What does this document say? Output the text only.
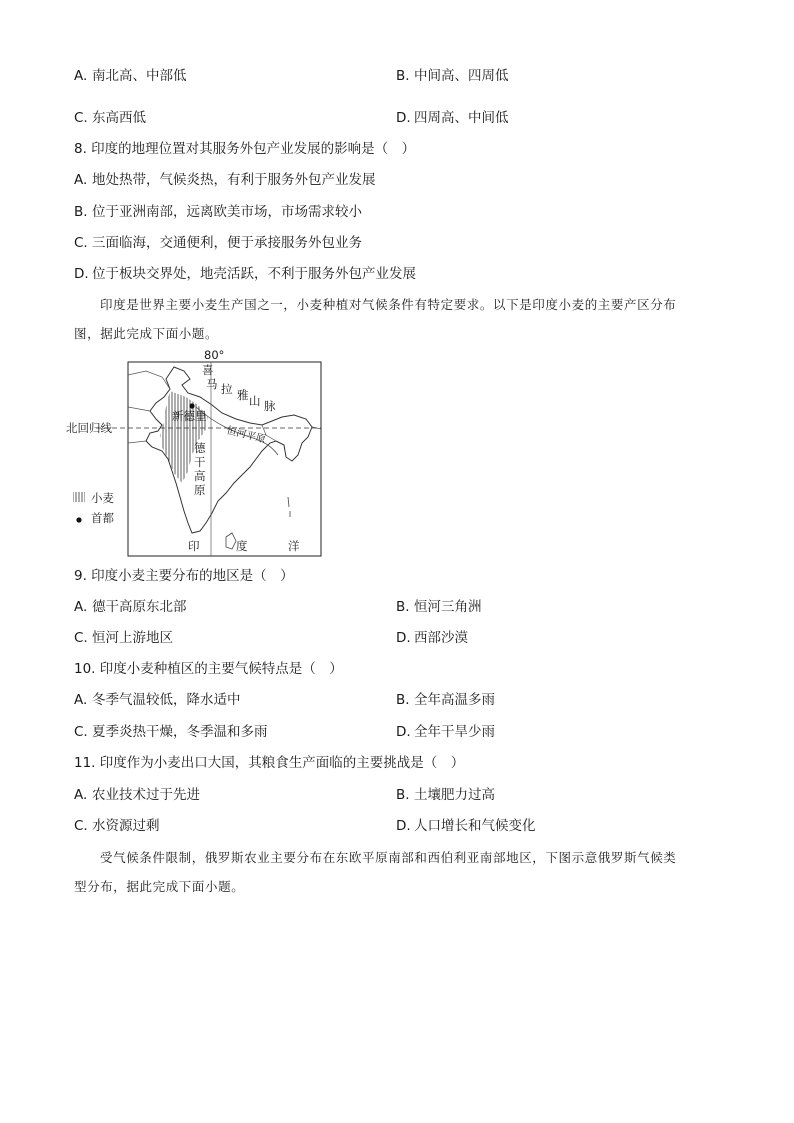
A. 南北高、中部低	B. 中间高、四周低
C. 东高西低	D. 四周高、中间低
8. 印度的地理位置对其服务外包产业发展的影响是（　）
A. 地处热带，气候炎热，有利于服务外包产业发展
B. 位于亚洲南部，远离欧美市场，市场需求较小
C. 三面临海，交通便利，便于承接服务外包业务
D. 位于板块交界处，地壳活跃，不利于服务外包产业发展
印度是世界主要小麦生产国之一，小麦种植对气候条件有特定要求。以下是印度小麦的主要产区分布
图，据此完成下面小题。
80°
北回归线
新德里
喜
马 拉 雅 山 脉
恒河平原
德
干
高
原
印	度	洋
小麦
首都
9. 印度小麦主要分布的地区是（　）
A. 德干高原东北部	B. 恒河三角洲
C. 恒河上游地区	D. 西部沙漠
10. 印度小麦种植区的主要气候特点是（　）
A. 冬季气温较低，降水适中	B. 全年高温多雨
C. 夏季炎热干燥，冬季温和多雨	D. 全年干旱少雨
11. 印度作为小麦出口大国，其粮食生产面临的主要挑战是（　）
A. 农业技术过于先进	B. 土壤肥力过高
C. 水资源过剩	D. 人口增长和气候变化
受气候条件限制，俄罗斯农业主要分布在东欧平原南部和西伯利亚南部地区，下图示意俄罗斯气候类
型分布，据此完成下面小题。
